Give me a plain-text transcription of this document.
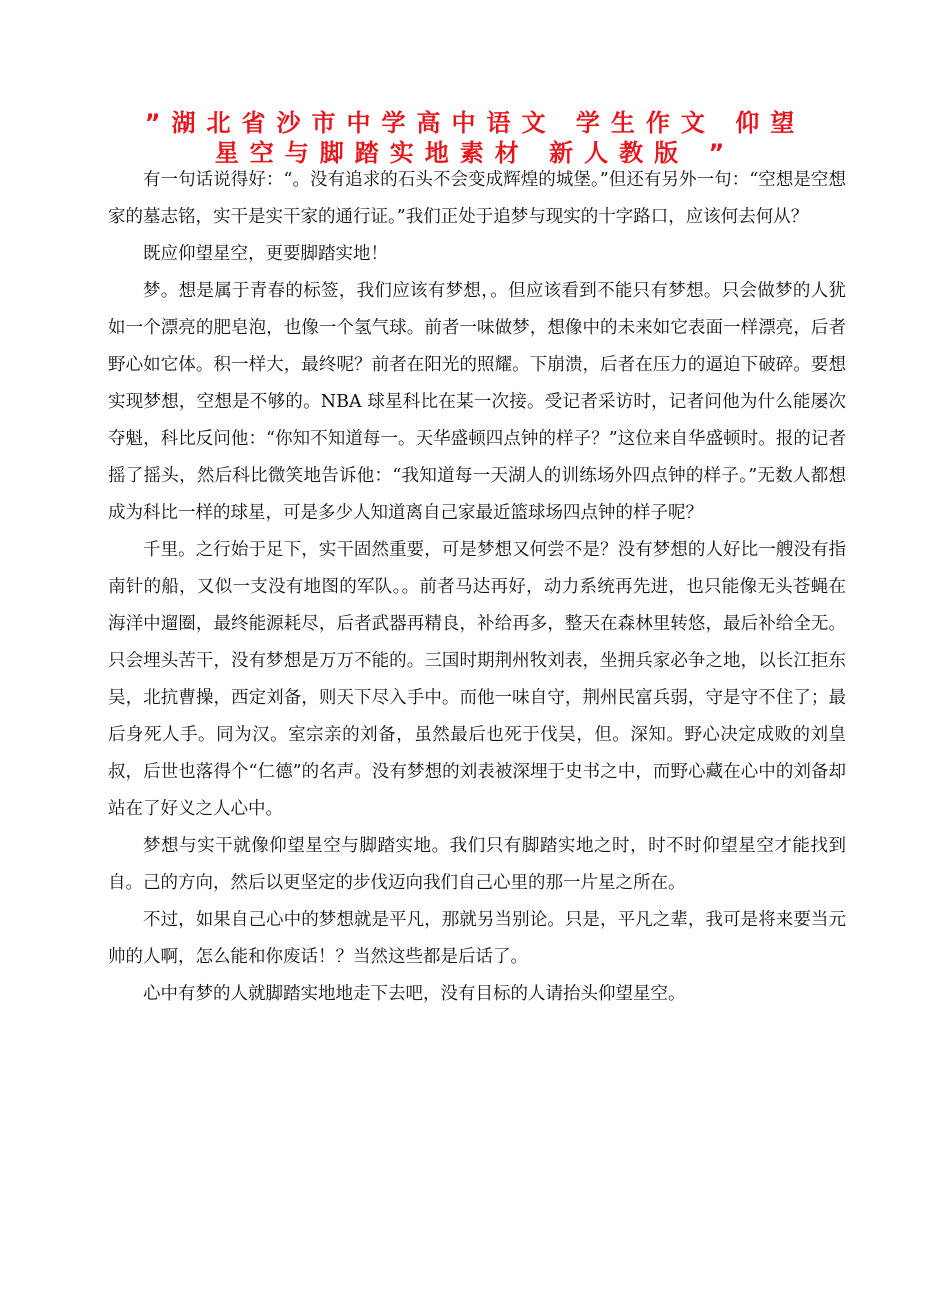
”湖北省沙市中学高中语文 学生作文 仰望
星空与脚踏实地素材 新人教版 ”

有一句话说得好：“。没有追求的石头不会变成辉煌的城堡。”但还有另外一句：“空想是空想家的墓志铭，实干是实干家的通行证。”我们正处于追梦与现实的十字路口，应该何去何从？

既应仰望星空，更要脚踏实地！

梦。想是属于青春的标签，我们应该有梦想，。但应该看到不能只有梦想。只会做梦的人犹如一个漂亮的肥皂泡，也像一个氢气球。前者一味做梦，想像中的未来如它表面一样漂亮，后者野心如它体。积一样大，最终呢？前者在阳光的照耀。下崩溃，后者在压力的逼迫下破碎。要想实现梦想，空想是不够的。NBA 球星科比在某一次接。受记者采访时，记者问他为什么能屡次夺魁，科比反问他：“你知不知道每一。天华盛顿四点钟的样子？”这位来自华盛顿时。报的记者摇了摇头，然后科比微笑地告诉他：“我知道每一天湖人的训练场外四点钟的样子。”无数人都想成为科比一样的球星，可是多少人知道离自己家最近篮球场四点钟的样子呢？

千里。之行始于足下，实干固然重要，可是梦想又何尝不是？没有梦想的人好比一艘没有指南针的船，又似一支没有地图的军队。。前者马达再好，动力系统再先进，也只能像无头苍蝇在海洋中遛圈，最终能源耗尽，后者武器再精良，补给再多，整天在森林里转悠，最后补给全无。只会埋头苦干，没有梦想是万万不能的。三国时期荆州牧刘表，坐拥兵家必争之地，以长江拒东吴，北抗曹操，西定刘备，则天下尽入手中。而他一味自守，荆州民富兵弱，守是守不住了；最后身死人手。同为汉。室宗亲的刘备，虽然最后也死于伐吴，但。深知。野心决定成败的刘皇叔，后世也落得个“仁德”的名声。没有梦想的刘表被深埋于史书之中，而野心藏在心中的刘备却站在了好义之人心中。

梦想与实干就像仰望星空与脚踏实地。我们只有脚踏实地之时，时不时仰望星空才能找到自。己的方向，然后以更坚定的步伐迈向我们自己心里的那一片星之所在。

不过，如果自己心中的梦想就是平凡，那就另当别论。只是，平凡之辈，我可是将来要当元帅的人啊，怎么能和你废话！？当然这些都是后话了。

心中有梦的人就脚踏实地地走下去吧，没有目标的人请抬头仰望星空。
